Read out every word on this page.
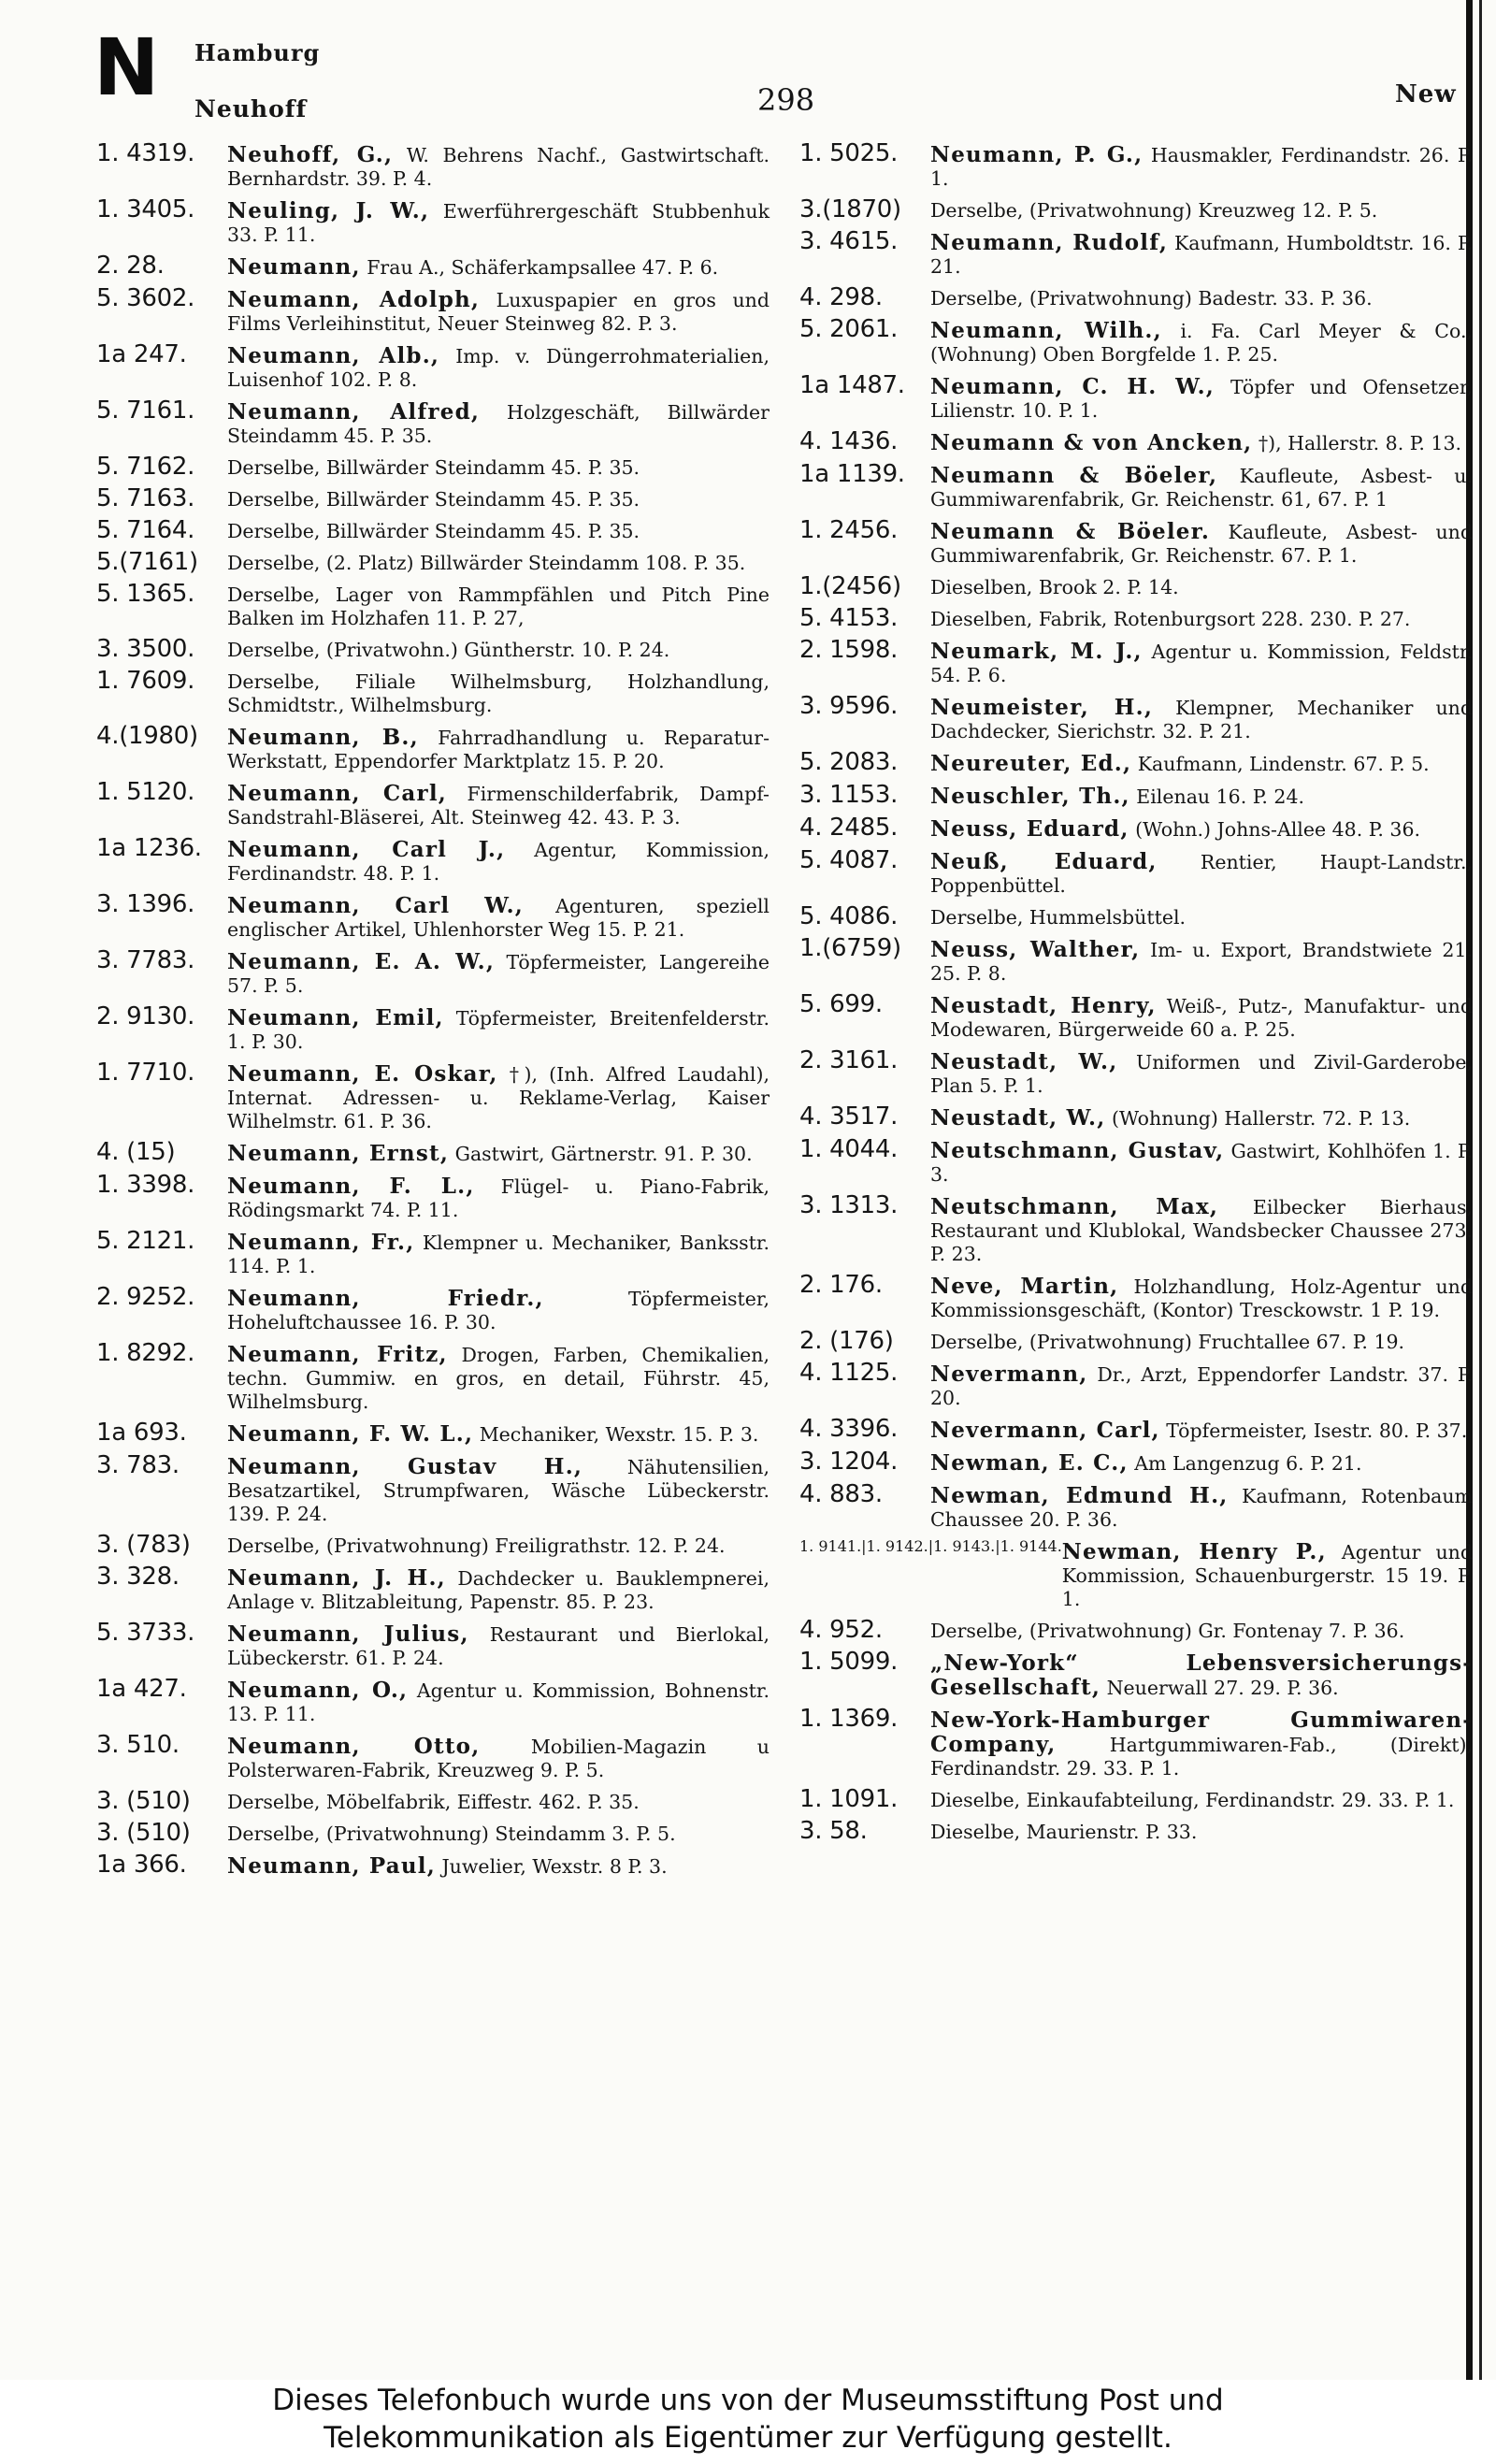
N Hamburg
Neuhoff	298	New
1. 4319.	Neuhoff, G., W. Behrens Nachf., Gastwirtschaft. Bernhardstr. 39. P. 4.
1. 3405.	Neuling, J. W., Ewerführergeschäft Stubbenhuk 33. P. 11.
2. 28.	Neumann, Frau A., Schäferkampsallee 47. P. 6.
5. 3602.	Neumann, Adolph, Luxuspapier en gros und Films Verleihinstitut, Neuer Steinweg 82. P. 3.
1a 247.	Neumann, Alb., Imp. v. Düngerrohmaterialien, Luisenhof 102. P. 8.
5. 7161.	Neumann, Alfred, Holzgeschäft, Billwärder Steindamm 45. P. 35.
5. 7162.	Derselbe, Billwärder Steindamm 45. P. 35.
5. 7163.	Derselbe, Billwärder Steindamm 45. P. 35.
5. 7164.	Derselbe, Billwärder Steindamm 45. P. 35.
5.(7161)	Derselbe, (2. Platz) Billwärder Steindamm 108. P. 35.
5. 1365.	Derselbe, Lager von Rammpfählen und Pitch Pine Balken im Holzhafen 11. P. 27,
3. 3500.	Derselbe, (Privatwohn.) Güntherstr. 10. P. 24.
1. 7609.	Derselbe, Filiale Wilhelmsburg, Holzhandlung, Schmidtstr., Wilhelmsburg.
4.(1980)	Neumann, B., Fahrradhandlung u. Reparatur-Werkstatt, Eppendorfer Marktplatz 15. P. 20.
1. 5120.	Neumann, Carl, Firmenschilderfabrik, Dampf-Sandstrahl-Bläserei, Alt. Steinweg 42. 43. P. 3.
1a 1236.	Neumann, Carl J., Agentur, Kommission, Ferdinandstr. 48. P. 1.
3. 1396.	Neumann, Carl W., Agenturen, speziell englischer Artikel, Uhlenhorster Weg 15. P. 21.
3. 7783.	Neumann, E. A. W., Töpfermeister, Langereihe 57. P. 5.
2. 9130.	Neumann, Emil, Töpfermeister, Breitenfelderstr. 1. P. 30.
1. 7710.	Neumann, E. Oskar, †), (Inh. Alfred Laudahl), Internat. Adressen- u. Reklame-Verlag, Kaiser Wilhelmstr. 61. P. 36.
4. (15)	Neumann, Ernst, Gastwirt, Gärtnerstr. 91. P. 30.
1. 3398.	Neumann, F. L., Flügel- u. Piano-Fabrik, Rödingsmarkt 74. P. 11.
5. 2121.	Neumann, Fr., Klempner u. Mechaniker, Banksstr. 114. P. 1.
2. 9252.	Neumann, Friedr.,	Töpfermeister, Hoheluftchaussee 16. P. 30.
1. 8292.	Neumann, Fritz, Drogen, Farben, Chemikalien, techn. Gummiw. en gros, en detail, Führstr. 45, Wilhelmsburg.
1a 693.	Neumann, F. W. L., Mechaniker, Wexstr. 15. P. 3.
3. 783.	Neumann, Gustav H., Nähutensilien, Besatzartikel, Strumpfwaren, Wäsche Lübeckerstr. 139. P. 24.
3. (783)	Derselbe, (Privatwohnung) Freiligrathstr. 12. P. 24.
3. 328.	Neumann, J. H., Dachdecker u. Bauklempnerei, Anlage v. Blitzableitung, Papenstr. 85. P. 23.
5. 3733.	Neumann, Julius, Restaurant und Bierlokal, Lübeckerstr. 61. P. 24.
1a 427.	Neumann, O., Agentur u. Kommission, Bohnenstr. 13. P. 11.
3. 510.	Neumann, Otto,	Mobilien-Magazin u Polsterwaren-Fabrik, Kreuzweg 9. P. 5.
3. (510)	Derselbe, Möbelfabrik, Eiffestr. 462. P. 35.
3. (510)	Derselbe, (Privatwohnung) Steindamm 3. P. 5.
1a 366.	Neumann, Paul, Juwelier, Wexstr. 8 P. 3.
1. 5025.	Neumann, P. G., Hausmakler, Ferdinandstr. 26. P. 1.
3.(1870)	Derselbe, (Privatwohnung) Kreuzweg 12. P. 5.
3. 4615.	Neumann, Rudolf, Kaufmann, Humboldtstr. 16. P. 21.
4. 298.	Derselbe, (Privatwohnung) Badestr. 33. P. 36.
5. 2061.	Neumann, Wilh., i. Fa. Carl Meyer & Co., (Wohnung) Oben Borgfelde 1. P. 25.
1a 1487.	Neumann, C. H. W., Töpfer und Ofensetzer, Lilienstr. 10. P. 1.
4. 1436.	Neumann & von Ancken, †), Hallerstr. 8. P. 13.
1a 1139.	Neumann & Böeler, Kaufleute, Asbest- u. Gummiwarenfabrik, Gr. Reichenstr. 61, 67. P. 1
1. 2456.	Neumann & Böeler. Kaufleute, Asbest- und Gummiwarenfabrik, Gr. Reichenstr. 67. P. 1.
1.(2456)	Dieselben, Brook 2. P. 14.
5. 4153.	Dieselben, Fabrik, Rotenburgsort 228. 230. P. 27.
2. 1598.	Neumark, M. J., Agentur u. Kommission, Feldstr. 54. P. 6.
3. 9596.	Neumeister, H., Klempner, Mechaniker und Dachdecker, Sierichstr. 32. P. 21.
5. 2083.	Neureuter, Ed., Kaufmann, Lindenstr. 67. P. 5.
3. 1153.	Neuschler, Th., Eilenau 16. P. 24.
4. 2485.	Neuss, Eduard, (Wohn.) Johns-Allee 48. P. 36.
5. 4087.	Neuß, Eduard, Rentier, Haupt-Landstr., Poppenbüttel.
5. 4086.	Derselbe, Hummelsbüttel.
1.(6759)	Neuss, Walther, Im- u. Export, Brandstwiete 21. 25. P. 8.
5. 699.	Neustadt, Henry, Weiß-, Putz-, Manufaktur- und Modewaren, Bürgerweide 60 a. P. 25.
2. 3161.	Neustadt, W., Uniformen und Zivil-Garderobe, Plan 5. P. 1.
4. 3517.	Neustadt, W., (Wohnung) Hallerstr. 72. P. 13.
1. 4044.	Neutschmann, Gustav, Gastwirt, Kohlhöfen 1. P. 3.
3. 1313.	Neutschmann, Max, Eilbecker Bierhaus, Restaurant und Klublokal, Wandsbecker Chaussee 273. P. 23.
2. 176.	Neve, Martin, Holzhandlung, Holz-Agentur und Kommissionsgeschäft, (Kontor) Tresckowstr. 1 P. 19.
2. (176)	Derselbe, (Privatwohnung) Fruchtallee 67. P. 19.
4. 1125.	Nevermann, Dr., Arzt, Eppendorfer Landstr. 37. P. 20.
4. 3396.	Nevermann, Carl, Töpfermeister, Isestr. 80. P. 37.
3. 1204.	Newman, E. C., Am Langenzug 6. P. 21.
4. 883.	Newman, Edmund H., Kaufmann, Rotenbaum Chaussee 20. P. 36.
1. 9141.|1. 9142.|1. 9143.|1. 9144. Newman, Henry P., Agentur und Kommission, Schauenburgerstr. 15 19. P. 1.
4. 952.	Derselbe, (Privatwohnung) Gr. Fontenay 7. P. 36.
1. 5099.	„New-York“ Lebensversicherungs-Gesellschaft, Neuerwall 27. 29. P. 36.
1. 1369.	New-York-Hamburger Gummiwaren-Company,	Hartgummiwaren-Fab., (Direkt), Ferdinandstr. 29. 33. P. 1.
1. 1091.	Dieselbe, Einkaufabteilung, Ferdinandstr. 29. 33. P. 1.
3. 58.	Dieselbe, Maurienstr. P. 33.
Dieses Telefonbuch wurde uns von der Museumsstiftung Post und
Telekommunikation als Eigentümer zur Verfügung gestellt.
